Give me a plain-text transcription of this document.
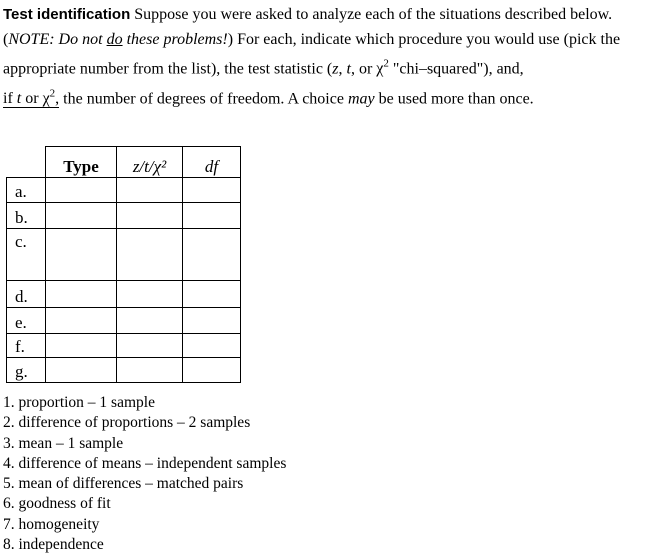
Test identification Suppose you were asked to analyze each of the situations described below.
(NOTE: Do not do these problems!) For each, indicate which procedure you would use (pick the appropriate number from the list), the test statistic (z, t, or $\chi^2$ "chi–squared"), and,
if t or $\chi^2$, the number of degrees of freedom. A choice may be used more than once.
	Type	z/t/χ²	df
a.			
b.			
c.			
d.			
e.			
f.			
g.			
1. proportion – 1 sample
2. difference of proportions – 2 samples
3. mean – 1 sample
4. difference of means – independent samples
5. mean of differences – matched pairs
6. goodness of fit
7. homogeneity
8. independence
